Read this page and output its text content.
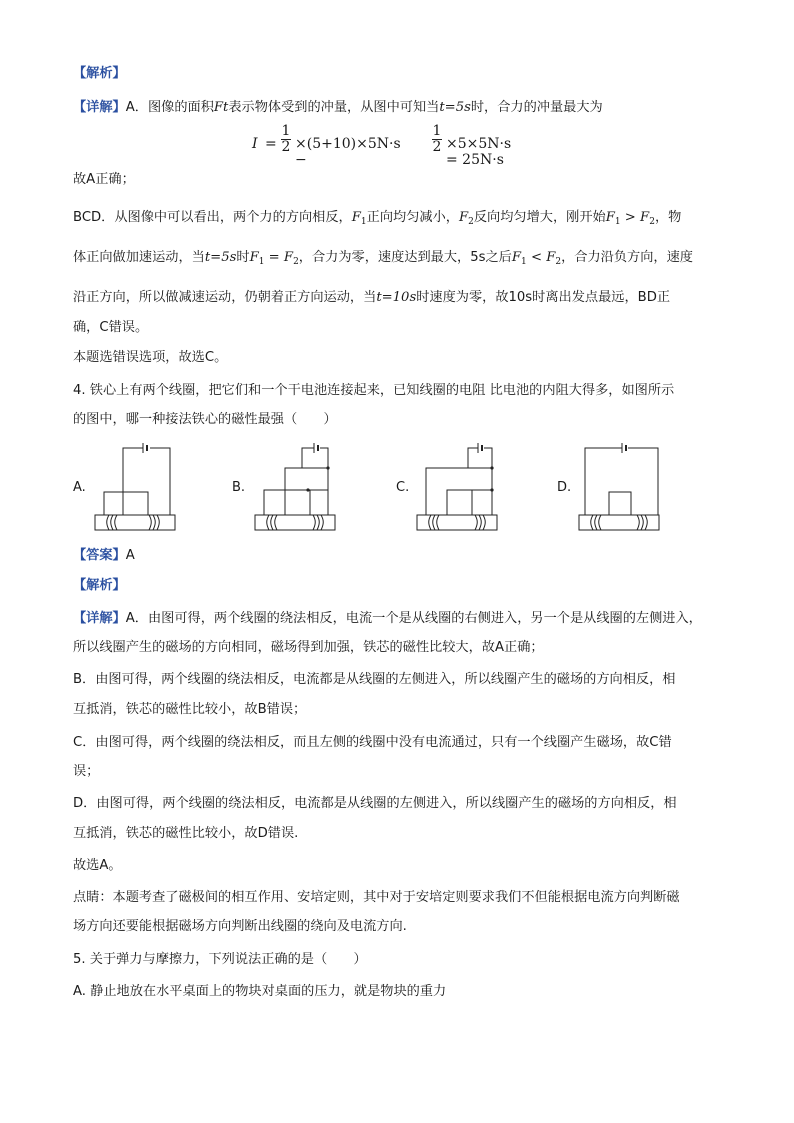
【解析】
【详解】A．图像的面积Ft表示物体受到的冲量，从图中可知当t=5s时，合力的冲量最大为
$I = \frac{1}{2} \times(5+10)\times 5N\cdot s$ −
$\frac{1}{2} \times 5\times 5N\cdot s = 25N\cdot s$
故A正确；
BCD．从图像中可以看出，两个力的方向相反，$F_1$正向均匀减小，$F_2$反向均匀增大，刚开始$F_1 > F_2$，物
体正向做加速运动，当t=5s时$F_1 = F_2$，合力为零，速度达到最大，5s之后$F_1 < F_2$，合力沿负方向，速度
沿正方向，所以做减速运动，仍朝着正方向运动，当t=10s时速度为零，故10s时离出发点最远，BD正
确，C错误。
本题选错误选项，故选C。
4. 铁心上有两个线圈，把它们和一个干电池连接起来，已知线圈的电阻 比电池的内阻大得多，如图所示
的图中，哪一种接法铁心的磁性最强（　　）
A.	B.	C.	D.
【答案】A
【解析】
【详解】A．由图可得，两个线圈的绕法相反，电流一个是从线圈的右侧进入，另一个是从线圈的左侧进入，
所以线圈产生的磁场的方向相同，磁场得到加强，铁芯的磁性比较大，故A正确；
B．由图可得，两个线圈的绕法相反，电流都是从线圈的左侧进入，所以线圈产生的磁场的方向相反，相
互抵消，铁芯的磁性比较小，故B错误；
C．由图可得，两个线圈的绕法相反，而且左侧的线圈中没有电流通过，只有一个线圈产生磁场，故C错
误；
D．由图可得，两个线圈的绕法相反，电流都是从线圈的左侧进入，所以线圈产生的磁场的方向相反，相
互抵消，铁芯的磁性比较小，故D错误.
故选A。
点睛：本题考查了磁极间的相互作用、安培定则，其中对于安培定则要求我们不但能根据电流方向判断磁
场方向还要能根据磁场方向判断出线圈的绕向及电流方向.
5. 关于弹力与摩擦力，下列说法正确的是（　　）
A. 静止地放在水平桌面上的物块对桌面的压力，就是物块的重力
